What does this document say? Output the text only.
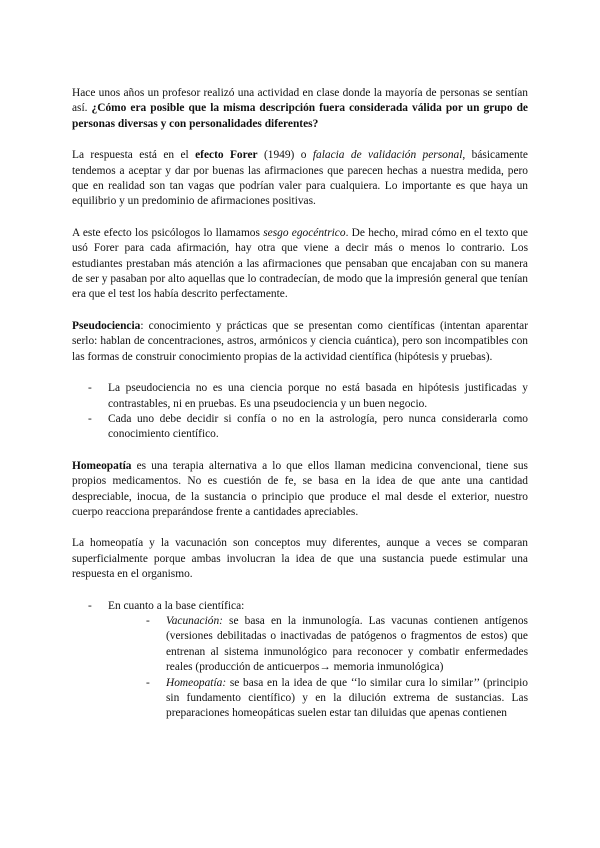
Hace unos años un profesor realizó una actividad en clase donde la mayoría de personas se sentían así. ¿Cómo era posible que la misma descripción fuera considerada válida por un grupo de personas diversas y con personalidades diferentes?

La respuesta está en el efecto Forer (1949) o falacia de validación personal, básicamente tendemos a aceptar y dar por buenas las afirmaciones que parecen hechas a nuestra medida, pero que en realidad son tan vagas que podrían valer para cualquiera. Lo importante es que haya un equilibrio y un predominio de afirmaciones positivas.

A este efecto los psicólogos lo llamamos sesgo egocéntrico. De hecho, mirad cómo en el texto que usó Forer para cada afirmación, hay otra que viene a decir más o menos lo contrario. Los estudiantes prestaban más atención a las afirmaciones que pensaban que encajaban con su manera de ser y pasaban por alto aquellas que lo contradecían, de modo que la impresión general que tenían era que el test los había descrito perfectamente.

Pseudociencia: conocimiento y prácticas que se presentan como científicas (intentan aparentar serlo: hablan de concentraciones, astros, armónicos y ciencia cuántica), pero son incompatibles con las formas de construir conocimiento propias de la actividad científica (hipótesis y pruebas).

- La pseudociencia no es una ciencia porque no está basada en hipótesis justificadas y contrastables, ni en pruebas. Es una pseudociencia y un buen negocio.
- Cada uno debe decidir si confía o no en la astrología, pero nunca considerarla como conocimiento científico.

Homeopatía es una terapia alternativa a lo que ellos llaman medicina convencional, tiene sus propios medicamentos. No es cuestión de fe, se basa en la idea de que ante una cantidad despreciable, inocua, de la sustancia o principio que produce el mal desde el exterior, nuestro cuerpo reacciona preparándose frente a cantidades apreciables.

La homeopatía y la vacunación son conceptos muy diferentes, aunque a veces se comparan superficialmente porque ambas involucran la idea de que una sustancia puede estimular una respuesta en el organismo.

- En cuanto a la base científica:
- Vacunación: se basa en la inmunología. Las vacunas contienen antígenos (versiones debilitadas o inactivadas de patógenos o fragmentos de estos) que entrenan al sistema inmunológico para reconocer y combatir enfermedades reales (producción de anticuerpos→ memoria inmunológica)
- Homeopatía: se basa en la idea de que ‘‘lo similar cura lo similar’’ (principio sin fundamento científico) y en la dilución extrema de sustancias. Las preparaciones homeopáticas suelen estar tan diluidas que apenas contienen
